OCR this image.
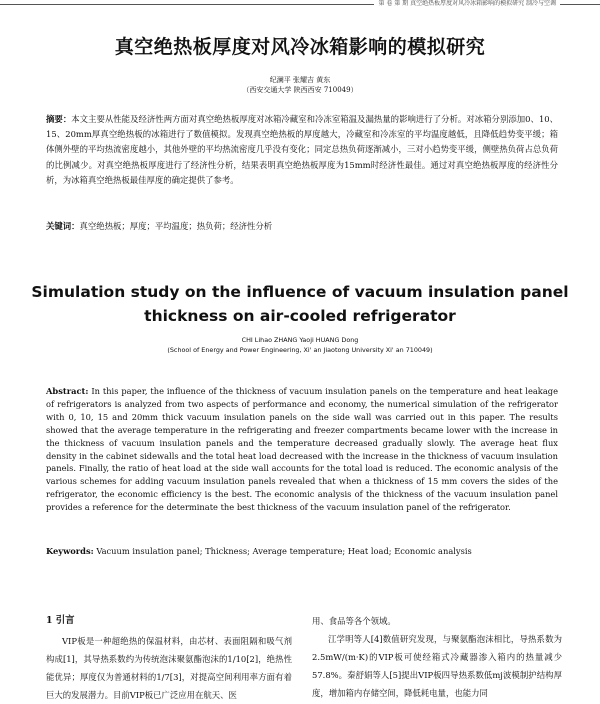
第 卷 第 期 真空绝热板厚度对风冷冰箱影响的模拟研究 制冷与空调
真空绝热板厚度对风冷冰箱影响的模拟研究
纪澜平 张耀吉 黄东
（西安交通大学 陕西西安 710049）
摘要：本文主要从性能及经济性两方面对真空绝热板厚度对冰箱冷藏室和冷冻室箱温及漏热量的影响进行了分析。对冰箱分别添加0、10、15、20mm厚真空绝热板的冰箱进行了数值模拟。发现真空绝热板的厚度越大，冷藏室和冷冻室的平均温度越低，且降低趋势变平缓；箱体侧外壁的平均热流密度越小，其他外壁的平均热流密度几乎没有变化；同定总热负荷逐渐减小，三对小趋势变平缓，侧壁热负荷占总负荷的比例减少。对真空绝热板厚度进行了经济性分析，结果表明真空绝热板厚度为15mm时经济性最佳。通过对真空绝热板厚度的经济性分析，为冰箱真空绝热板最佳厚度的确定提供了参考。
关键词：真空绝热板；厚度；平均温度；热负荷；经济性分析
Simulation study on the influence of vacuum insulation panel thickness on air-cooled refrigerator
CHI Lihao ZHANG Yaoji HUANG Dong
(School of Energy and Power Engineering, Xi' an Jiaotong University Xi' an 710049)
Abstract: In this paper, the influence of the thickness of vacuum insulation panels on the temperature and heat leakage of refrigerators is analyzed from two aspects of performance and economy, the numerical simulation of the refrigerator with 0, 10, 15 and 20mm thick vacuum insulation panels on the side wall was carried out in this paper. The results showed that the average temperature in the refrigerating and freezer compartments became lower with the increase in the thickness of vacuum insulation panels and the temperature decreased gradually slowly. The average heat flux density in the cabinet sidewalls and the total heat load decreased with the increase in the thickness of vacuum insulation panels. Finally, the ratio of heat load at the side wall accounts for the total load is reduced. The economic analysis of the various schemes for adding vacuum insulation panels revealed that when a thickness of 15 mm covers the sides of the refrigerator, the economic efficiency is the best. The economic analysis of the thickness of the vacuum insulation panel provides a reference for the determinate the best thickness of the vacuum insulation panel of the refrigerator.
Keywords: Vacuum insulation panel; Thickness; Average temperature; Heat load; Economic analysis
1 引言
VIP板是一种超绝热的保温材料，由芯材、表面阻隔和吸气剂构成[1]，其导热系数约为传统泡沫聚氨酯泡沫的1/10[2]，绝热性能优异；厚度仅为普通材料的1/7[3]，对提高空间利用率方面有着巨大的发展潜力。目前VIP板已广泛应用在航天、医
用、食品等各个领域。
江学明等人[4]数值研究发现，与聚氨酯泡沫相比，导热系数为2.5mW/(m·K)的VIP板可使经箱式冷藏器渗入箱内的热量减少57.8%。秦舒娟等人[5]提出VIP板四导热系数低mj波模制护结构厚度，增加箱内存储空间，降低耗电量，也能力同
